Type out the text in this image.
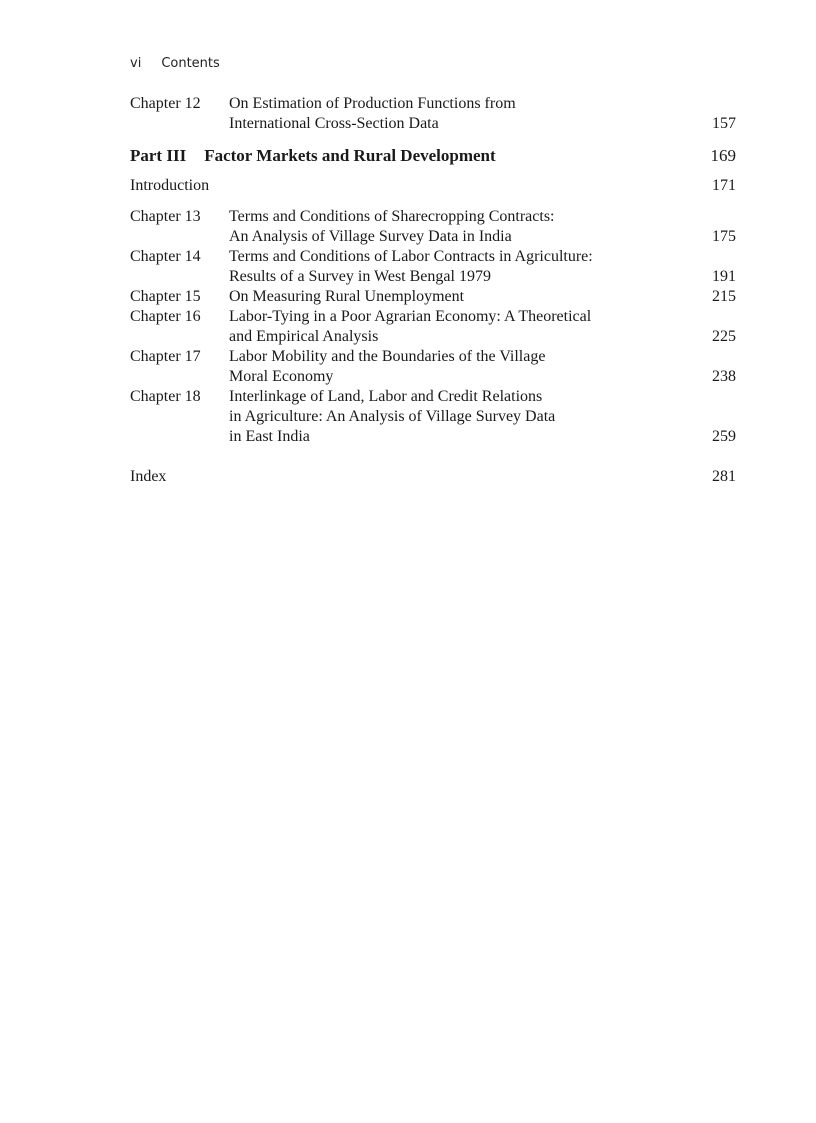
vi Contents
Chapter 12	On Estimation of Production Functions from
International Cross-Section Data	157
Part III Factor Markets and Rural Development	169
Introduction	171
Chapter 13	Terms and Conditions of Sharecropping Contracts:
An Analysis of Village Survey Data in India	175
Chapter 14	Terms and Conditions of Labor Contracts in Agriculture:
Results of a Survey in West Bengal 1979	191
Chapter 15	On Measuring Rural Unemployment	215
Chapter 16	Labor-Tying in a Poor Agrarian Economy: A Theoretical
and Empirical Analysis	225
Chapter 17	Labor Mobility and the Boundaries of the Village
Moral Economy	238
Chapter 18	Interlinkage of Land, Labor and Credit Relations
in Agriculture: An Analysis of Village Survey Data
in East India	259
Index	281
